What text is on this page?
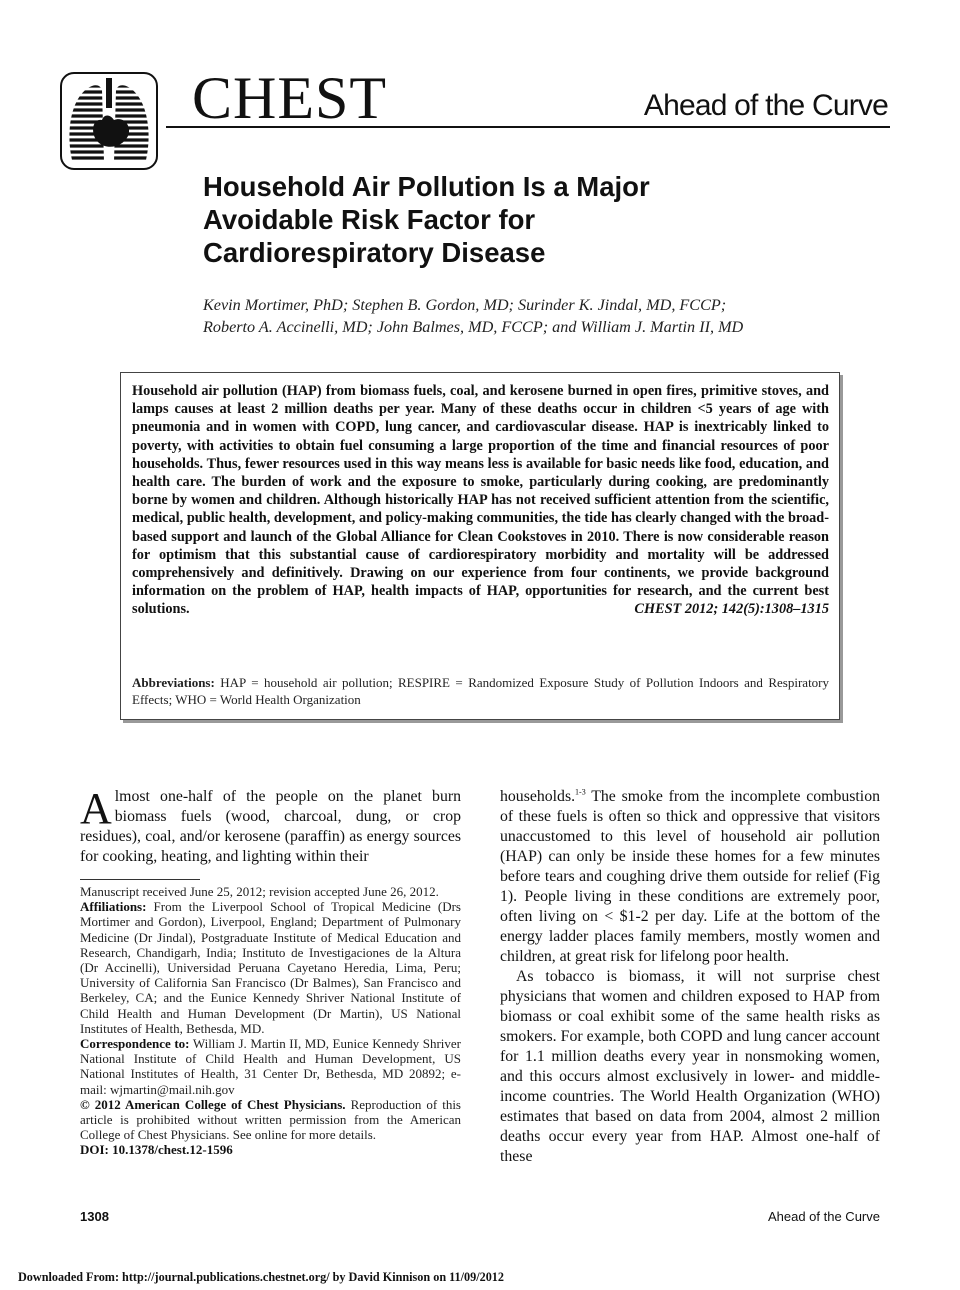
CHEST	Ahead of the Curve
Household Air Pollution Is a Major
Avoidable Risk Factor for
Cardiorespiratory Disease
Kevin Mortimer, PhD; Stephen B. Gordon, MD; Surinder K. Jindal, MD, FCCP;
Roberto A. Accinelli, MD; John Balmes, MD, FCCP; and William J. Martin II, MD

Household air pollution (HAP) from biomass fuels, coal, and kerosene burned in open fires, primitive stoves, and lamps causes at least 2 million deaths per year. Many of these deaths occur in children <5 years of age with pneumonia and in women with COPD, lung cancer, and cardiovascular disease. HAP is inextricably linked to poverty, with activities to obtain fuel consuming a large proportion of the time and financial resources of poor households. Thus, fewer resources used in this way means less is available for basic needs like food, education, and health care. The burden of work and the exposure to smoke, particularly during cooking, are predominantly borne by women and children. Although historically HAP has not received sufficient attention from the scientific, medical, public health, development, and policy-making communities, the tide has clearly changed with the broad-based support and launch of the Global Alliance for Clean Cookstoves in 2010. There is now considerable reason for optimism that this substantial cause of cardiorespiratory morbidity and mortality will be addressed comprehensively and definitively. Drawing on our experience from four continents, we provide background information on the problem of HAP, health impacts of HAP, opportunities for research, and the current best solutions.	CHEST 2012; 142(5):1308–1315

Abbreviations: HAP = household air pollution; RESPIRE = Randomized Exposure Study of Pollution Indoors and Respiratory Effects; WHO = World Health Organization

Almost one-half of the people on the planet burn biomass fuels (wood, charcoal, dung, or crop residues), coal, and/or kerosene (paraffin) as energy sources for cooking, heating, and lighting within their

Manuscript received June 25, 2012; revision accepted June 26, 2012.

Affiliations: From the Liverpool School of Tropical Medicine (Drs Mortimer and Gordon), Liverpool, England; Department of Pulmonary Medicine (Dr Jindal), Postgraduate Institute of Medical Education and Research, Chandigarh, India; Instituto de Investigaciones de la Altura (Dr Accinelli), Universidad Peruana Cayetano Heredia, Lima, Peru; University of California San Francisco (Dr Balmes), San Francisco and Berkeley, CA; and the Eunice Kennedy Shriver National Institute of Child Health and Human Development (Dr Martin), US National Institutes of Health, Bethesda, MD.

Correspondence to: William J. Martin II, MD, Eunice Kennedy Shriver National Institute of Child Health and Human Development, US National Institutes of Health, 31 Center Dr, Bethesda, MD 20892; e-mail: wjmartin@mail.nih.gov

© 2012 American College of Chest Physicians. Reproduction of this article is prohibited without written permission from the American College of Chest Physicians. See online for more details.

DOI: 10.1378/chest.12-1596

households.$^{1-3}$ The smoke from the incomplete combustion of these fuels is often so thick and oppressive that visitors unaccustomed to this level of household air pollution (HAP) can only be inside these homes for a few minutes before tears and coughing drive them outside for relief (Fig 1). People living in these conditions are extremely poor, often living on < $1-2 per day. Life at the bottom of the energy ladder places family members, mostly women and children, at great risk for lifelong poor health.

As tobacco is biomass, it will not surprise chest physicians that women and children exposed to HAP from biomass or coal exhibit some of the same health risks as smokers. For example, both COPD and lung cancer account for 1.1 million deaths every year in nonsmoking women, and this occurs almost exclusively in lower- and middle-income countries. The World Health Organization (WHO) estimates that based on data from 2004, almost 2 million deaths occur every year from HAP. Almost one-half of these

1308	Ahead of the Curve
Downloaded From: http://journal.publications.chestnet.org/ by David Kinnison on 11/09/2012
